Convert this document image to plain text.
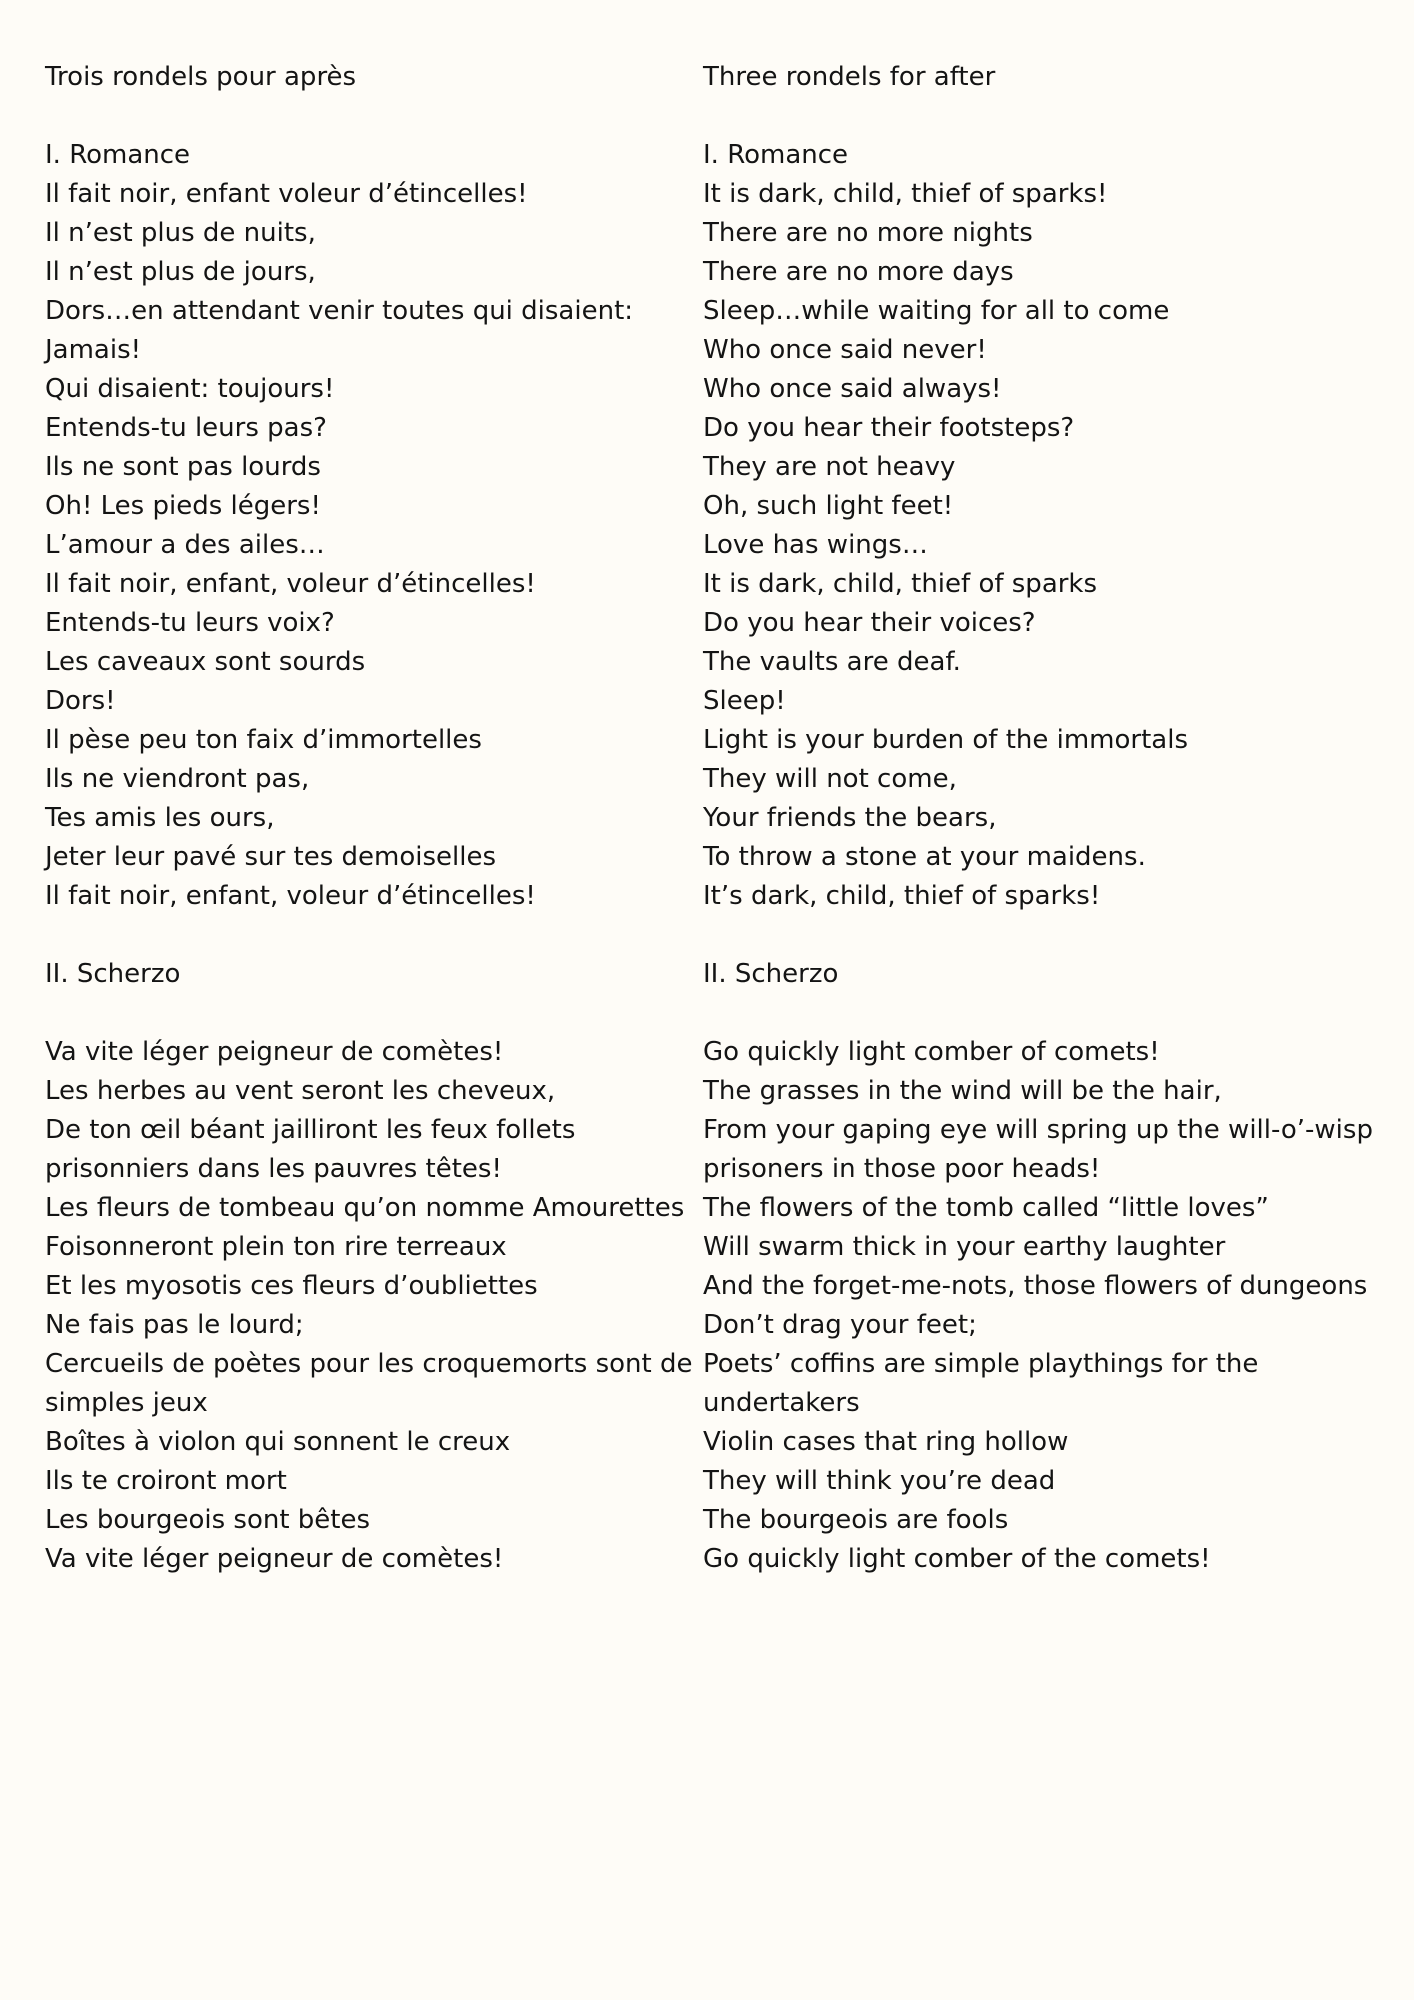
Trois rondels pour après
I. Romance
Il fait noir, enfant voleur d’étincelles!
Il n’est plus de nuits,
Il n’est plus de jours,
Dors…en attendant venir toutes qui disaient:
Jamais!
Qui disaient: toujours!
Entends-tu leurs pas?
Ils ne sont pas lourds
Oh! Les pieds légers!
L’amour a des ailes…
Il fait noir, enfant, voleur d’étincelles!
Entends-tu leurs voix?
Les caveaux sont sourds
Dors!
Il pèse peu ton faix d’immortelles
Ils ne viendront pas,
Tes amis les ours,
Jeter leur pavé sur tes demoiselles
Il fait noir, enfant, voleur d’étincelles!
II. Scherzo
Va vite léger peigneur de comètes!
Les herbes au vent seront les cheveux,
De ton œil béant jailliront les feux follets
prisonniers dans les pauvres têtes!
Les fleurs de tombeau qu’on nomme Amourettes
Foisonneront plein ton rire terreaux
Et les myosotis ces fleurs d’oubliettes
Ne fais pas le lourd;
Cercueils de poètes pour les croquemorts sont de
simples jeux
Boîtes à violon qui sonnent le creux
Ils te croiront mort
Les bourgeois sont bêtes
Va vite léger peigneur de comètes!
Three rondels for after
I. Romance
It is dark, child, thief of sparks!
There are no more nights
There are no more days
Sleep…while waiting for all to come
Who once said never!
Who once said always!
Do you hear their footsteps?
They are not heavy
Oh, such light feet!
Love has wings…
It is dark, child, thief of sparks
Do you hear their voices?
The vaults are deaf.
Sleep!
Light is your burden of the immortals
They will not come,
Your friends the bears,
To throw a stone at your maidens.
It’s dark, child, thief of sparks!
II. Scherzo
Go quickly light comber of comets!
The grasses in the wind will be the hair,
From your gaping eye will spring up the will-o’-wisp
prisoners in those poor heads!
The flowers of the tomb called “little loves”
Will swarm thick in your earthy laughter
And the forget-me-nots, those flowers of dungeons
Don’t drag your feet;
Poets’ coffins are simple playthings for the
undertakers
Violin cases that ring hollow
They will think you’re dead
The bourgeois are fools
Go quickly light comber of the comets!
